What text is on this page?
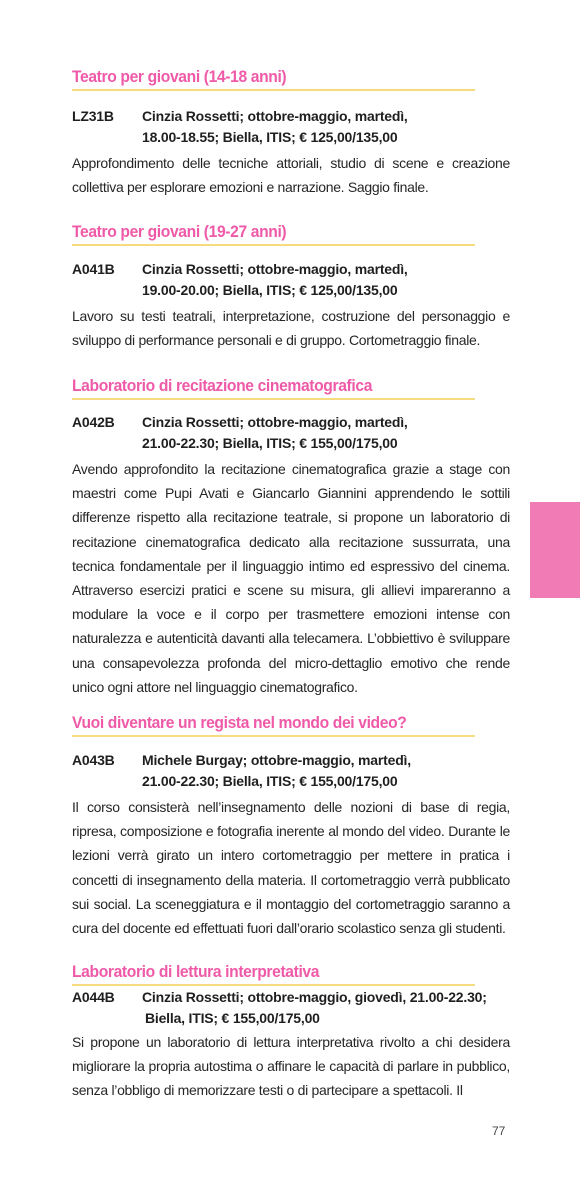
Teatro per giovani (14-18 anni)
LZ31B Cinzia Rossetti; ottobre-maggio, martedì,
18.00-18.55; Biella, ITIS; € 125,00/135,00
Approfondimento delle tecniche attoriali, studio di scene e creazione collettiva per esplorare emozioni e narrazione. Saggio finale.
Teatro per giovani (19-27 anni)
A041B Cinzia Rossetti; ottobre-maggio, martedì,
19.00-20.00; Biella, ITIS; € 125,00/135,00
Lavoro su testi teatrali, interpretazione, costruzione del personaggio e sviluppo di performance personali e di gruppo. Cortometraggio finale.
Laboratorio di recitazione cinematografica
A042B Cinzia Rossetti; ottobre-maggio, martedì,
21.00-22.30; Biella, ITIS; € 155,00/175,00
Avendo approfondito la recitazione cinematografica grazie a stage con maestri come Pupi Avati e Giancarlo Giannini apprendendo le sottili differenze rispetto alla recitazione teatrale, si propone un laboratorio di recitazione cinematografica dedicato alla recitazione sussurrata, una tecnica fondamentale per il linguaggio intimo ed espressivo del cinema. Attraverso esercizi pratici e scene su misura, gli allievi impareranno a modulare la voce e il corpo per trasmettere emozioni intense con naturalezza e autenticità davanti alla telecamera. L’obbiettivo è sviluppare una consapevolezza profonda del micro-dettaglio emotivo che rende unico ogni attore nel linguaggio cinematografico.
Vuoi diventare un regista nel mondo dei video?
A043B Michele Burgay; ottobre-maggio, martedì,
21.00-22.30; Biella, ITIS; € 155,00/175,00
Il corso consisterà nell’insegnamento delle nozioni di base di regia, ripresa, composizione e fotografia inerente al mondo del video. Durante le lezioni verrà girato un intero cortometraggio per mettere in pratica i concetti di insegnamento della materia. Il cortometraggio verrà pubblicato sui social. La sceneggiatura e il montaggio del cortometraggio saranno a cura del docente ed effettuati fuori dall’orario scolastico senza gli studenti.
Laboratorio di lettura interpretativa
A044B Cinzia Rossetti; ottobre-maggio, giovedì, 21.00-22.30;
Biella, ITIS; € 155,00/175,00
Si propone un laboratorio di lettura interpretativa rivolto a chi desidera migliorare la propria autostima o affinare le capacità di parlare in pubblico, senza l’obbligo di memorizzare testi o di partecipare a spettacoli. Il
77
